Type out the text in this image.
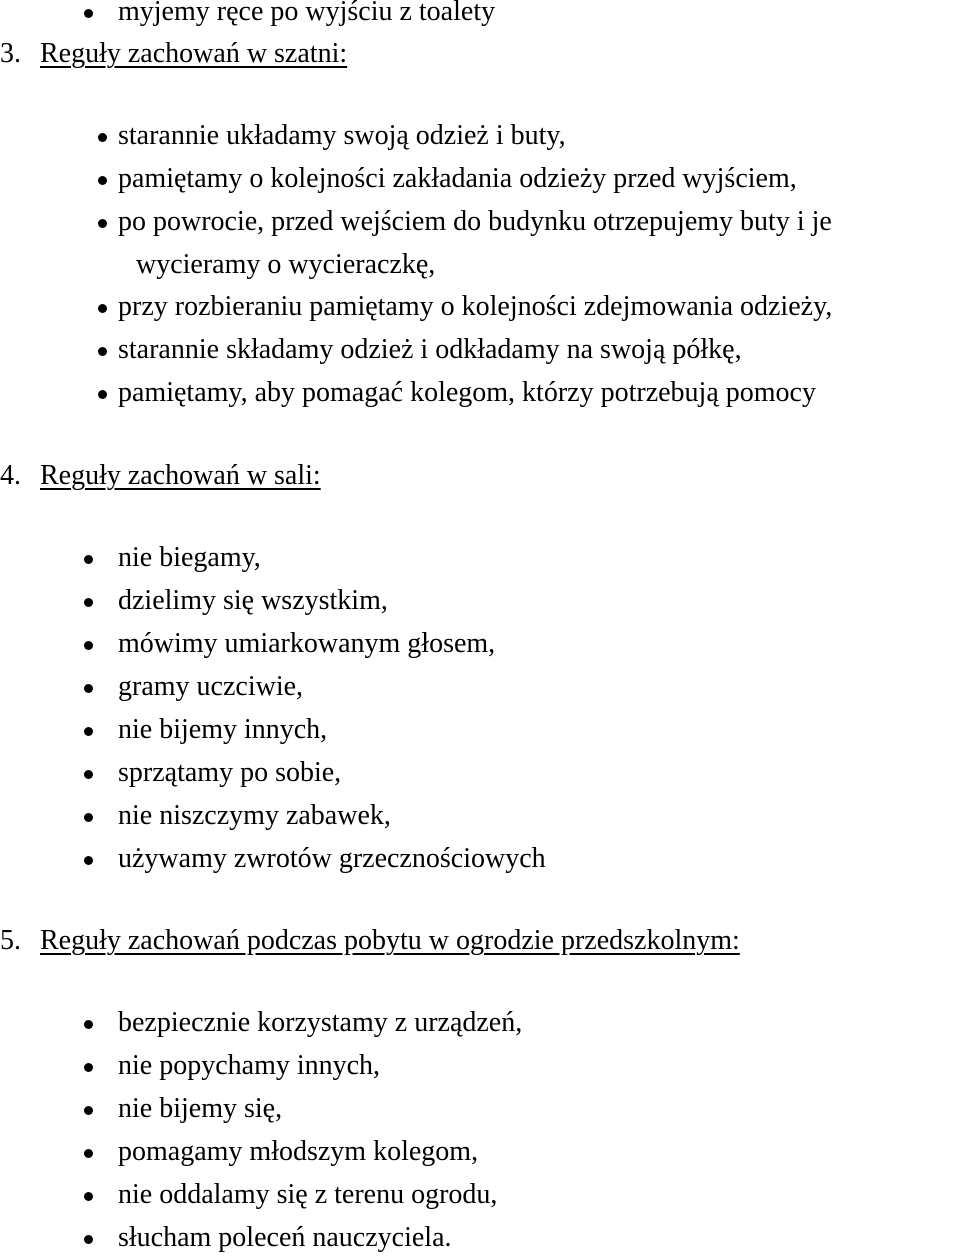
myjemy ręce po wyjściu z toalety
3. Reguły zachowań w szatni:
starannie układamy swoją odzież i buty,
pamiętamy o kolejności zakładania odzieży przed wyjściem,
po powrocie, przed wejściem do budynku otrzepujemy buty i je
wycieramy o wycieraczkę,
przy rozbieraniu pamiętamy o kolejności zdejmowania odzieży,
starannie składamy odzież i odkładamy na swoją półkę,
pamiętamy, aby pomagać kolegom, którzy potrzebują pomocy
4. Reguły zachowań w sali:
nie biegamy,
dzielimy się wszystkim,
mówimy umiarkowanym głosem,
gramy uczciwie,
nie bijemy innych,
sprzątamy po sobie,
nie niszczymy zabawek,
używamy zwrotów grzecznościowych
5. Reguły zachowań podczas pobytu w ogrodzie przedszkolnym:
bezpiecznie korzystamy z urządzeń,
nie popychamy innych,
nie bijemy się,
pomagamy młodszym kolegom,
nie oddalamy się z terenu ogrodu,
słucham poleceń nauczyciela.
